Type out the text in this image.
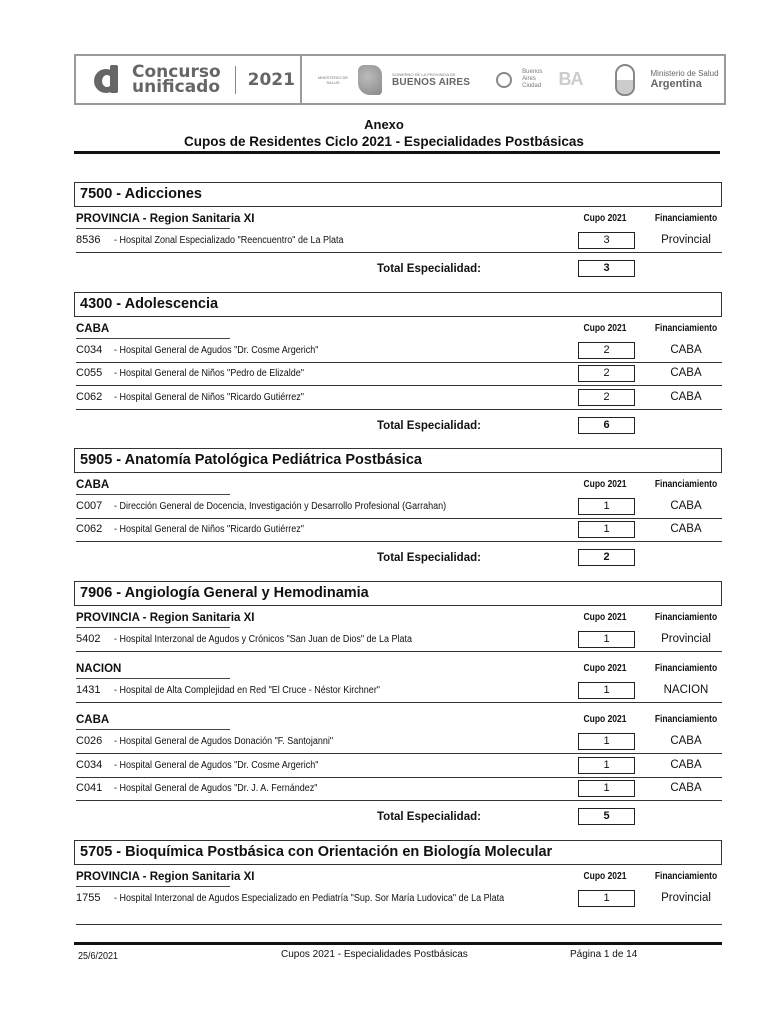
Concurso
unificado 2021	MINISTERIO DE SALUD
GOBIERNO DE LA PROVINCIA DE
BUENOS AIRES
Buenos
Aires
Ciudad BA	Ministerio de Salud
Argentina
Anexo
Cupos de Residentes Ciclo 2021 - Especialidades Postbásicas
7500 - Adicciones
PROVINCIA - Region Sanitaria XI	Cupo 2021	Financiamiento
8536 - Hospital Zonal Especializado "Reencuentro" de La Plata	3	Provincial
Total Especialidad:	3
4300 - Adolescencia
CABA	Cupo 2021	Financiamiento
C034 - Hospital General de Agudos "Dr. Cosme Argerich"	2	CABA
C055 - Hospital General de Niños "Pedro de Elizalde"	2	CABA
C062 - Hospital General de Niños "Ricardo Gutiérrez"	2	CABA
Total Especialidad:	6
5905 - Anatomía Patológica Pediátrica Postbásica
CABA	Cupo 2021	Financiamiento
C007 - Dirección General de Docencia, Investigación y Desarrollo Profesional (Garrahan)	1	CABA
C062 - Hospital General de Niños "Ricardo Gutiérrez"	1	CABA
Total Especialidad:	2
7906 - Angiología General y Hemodinamia
PROVINCIA - Region Sanitaria XI	Cupo 2021	Financiamiento
5402 - Hospital Interzonal de Agudos y Crónicos "San Juan de Dios" de La Plata	1	Provincial
NACION	Cupo 2021	Financiamiento
1431 - Hospital de Alta Complejidad en Red "El Cruce - Néstor Kirchner"	1	NACION
CABA	Cupo 2021	Financiamiento
C026 - Hospital General de Agudos Donación "F. Santojanni"	1	CABA
C034 - Hospital General de Agudos "Dr. Cosme Argerich"	1	CABA
C041 - Hospital General de Agudos "Dr. J. A. Fernández"	1	CABA
Total Especialidad:	5
5705 - Bioquímica Postbásica con Orientación en Biología Molecular
PROVINCIA - Region Sanitaria XI	Cupo 2021	Financiamiento
1755 - Hospital Interzonal de Agudos Especializado en Pediatría "Sup. Sor María Ludovica" de La Plata	1	Provincial
25/6/2021	Cupos 2021 - Especialidades Postbásicas	Página 1 de 14
